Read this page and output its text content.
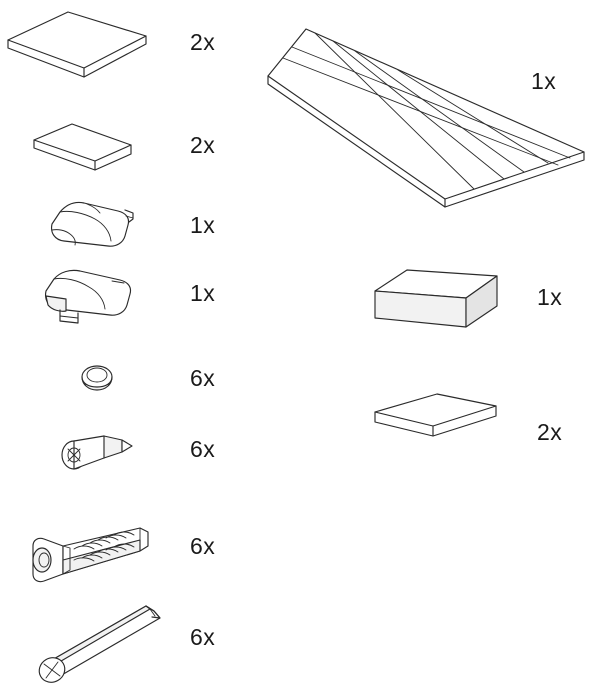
2x
2x
1x
1x
6x
6x
6x
6x
1x
1x
2x
